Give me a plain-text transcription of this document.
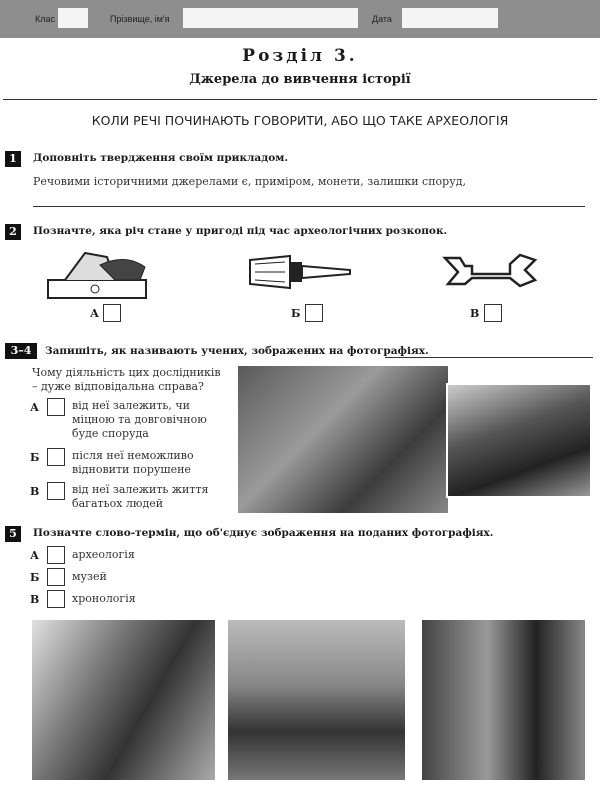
Клас	Прізвище, ім'я	Дата
Розділ 3.
Джерела до вивчення історії
КОЛИ РЕЧІ ПОЧИНАЮТЬ ГОВОРИТИ, АБО ЩО ТАКЕ АРХЕОЛОГІЯ
1	Доповніть твердження своїм прикладом.
Речовими історичними джерелами є, приміром, монети, залишки споруд,
2	Позначте, яка річ стане у пригоді під час археологічних розкопок.
А	Б	В
3–4	Запишіть, як називають учених, зображених на фотографіях.
Чому діяльність цих дослідників – дуже відповідальна справа?
А	від неї залежить, чи міцною та довговічною буде споруда
Б	після неї неможливо відновити порушене
В	від неї залежить життя багатьох людей
5	Позначте слово-термін, що об'єднує зображення на поданих фотографіях.
А	археологія
Б	музей
В	хронологія
